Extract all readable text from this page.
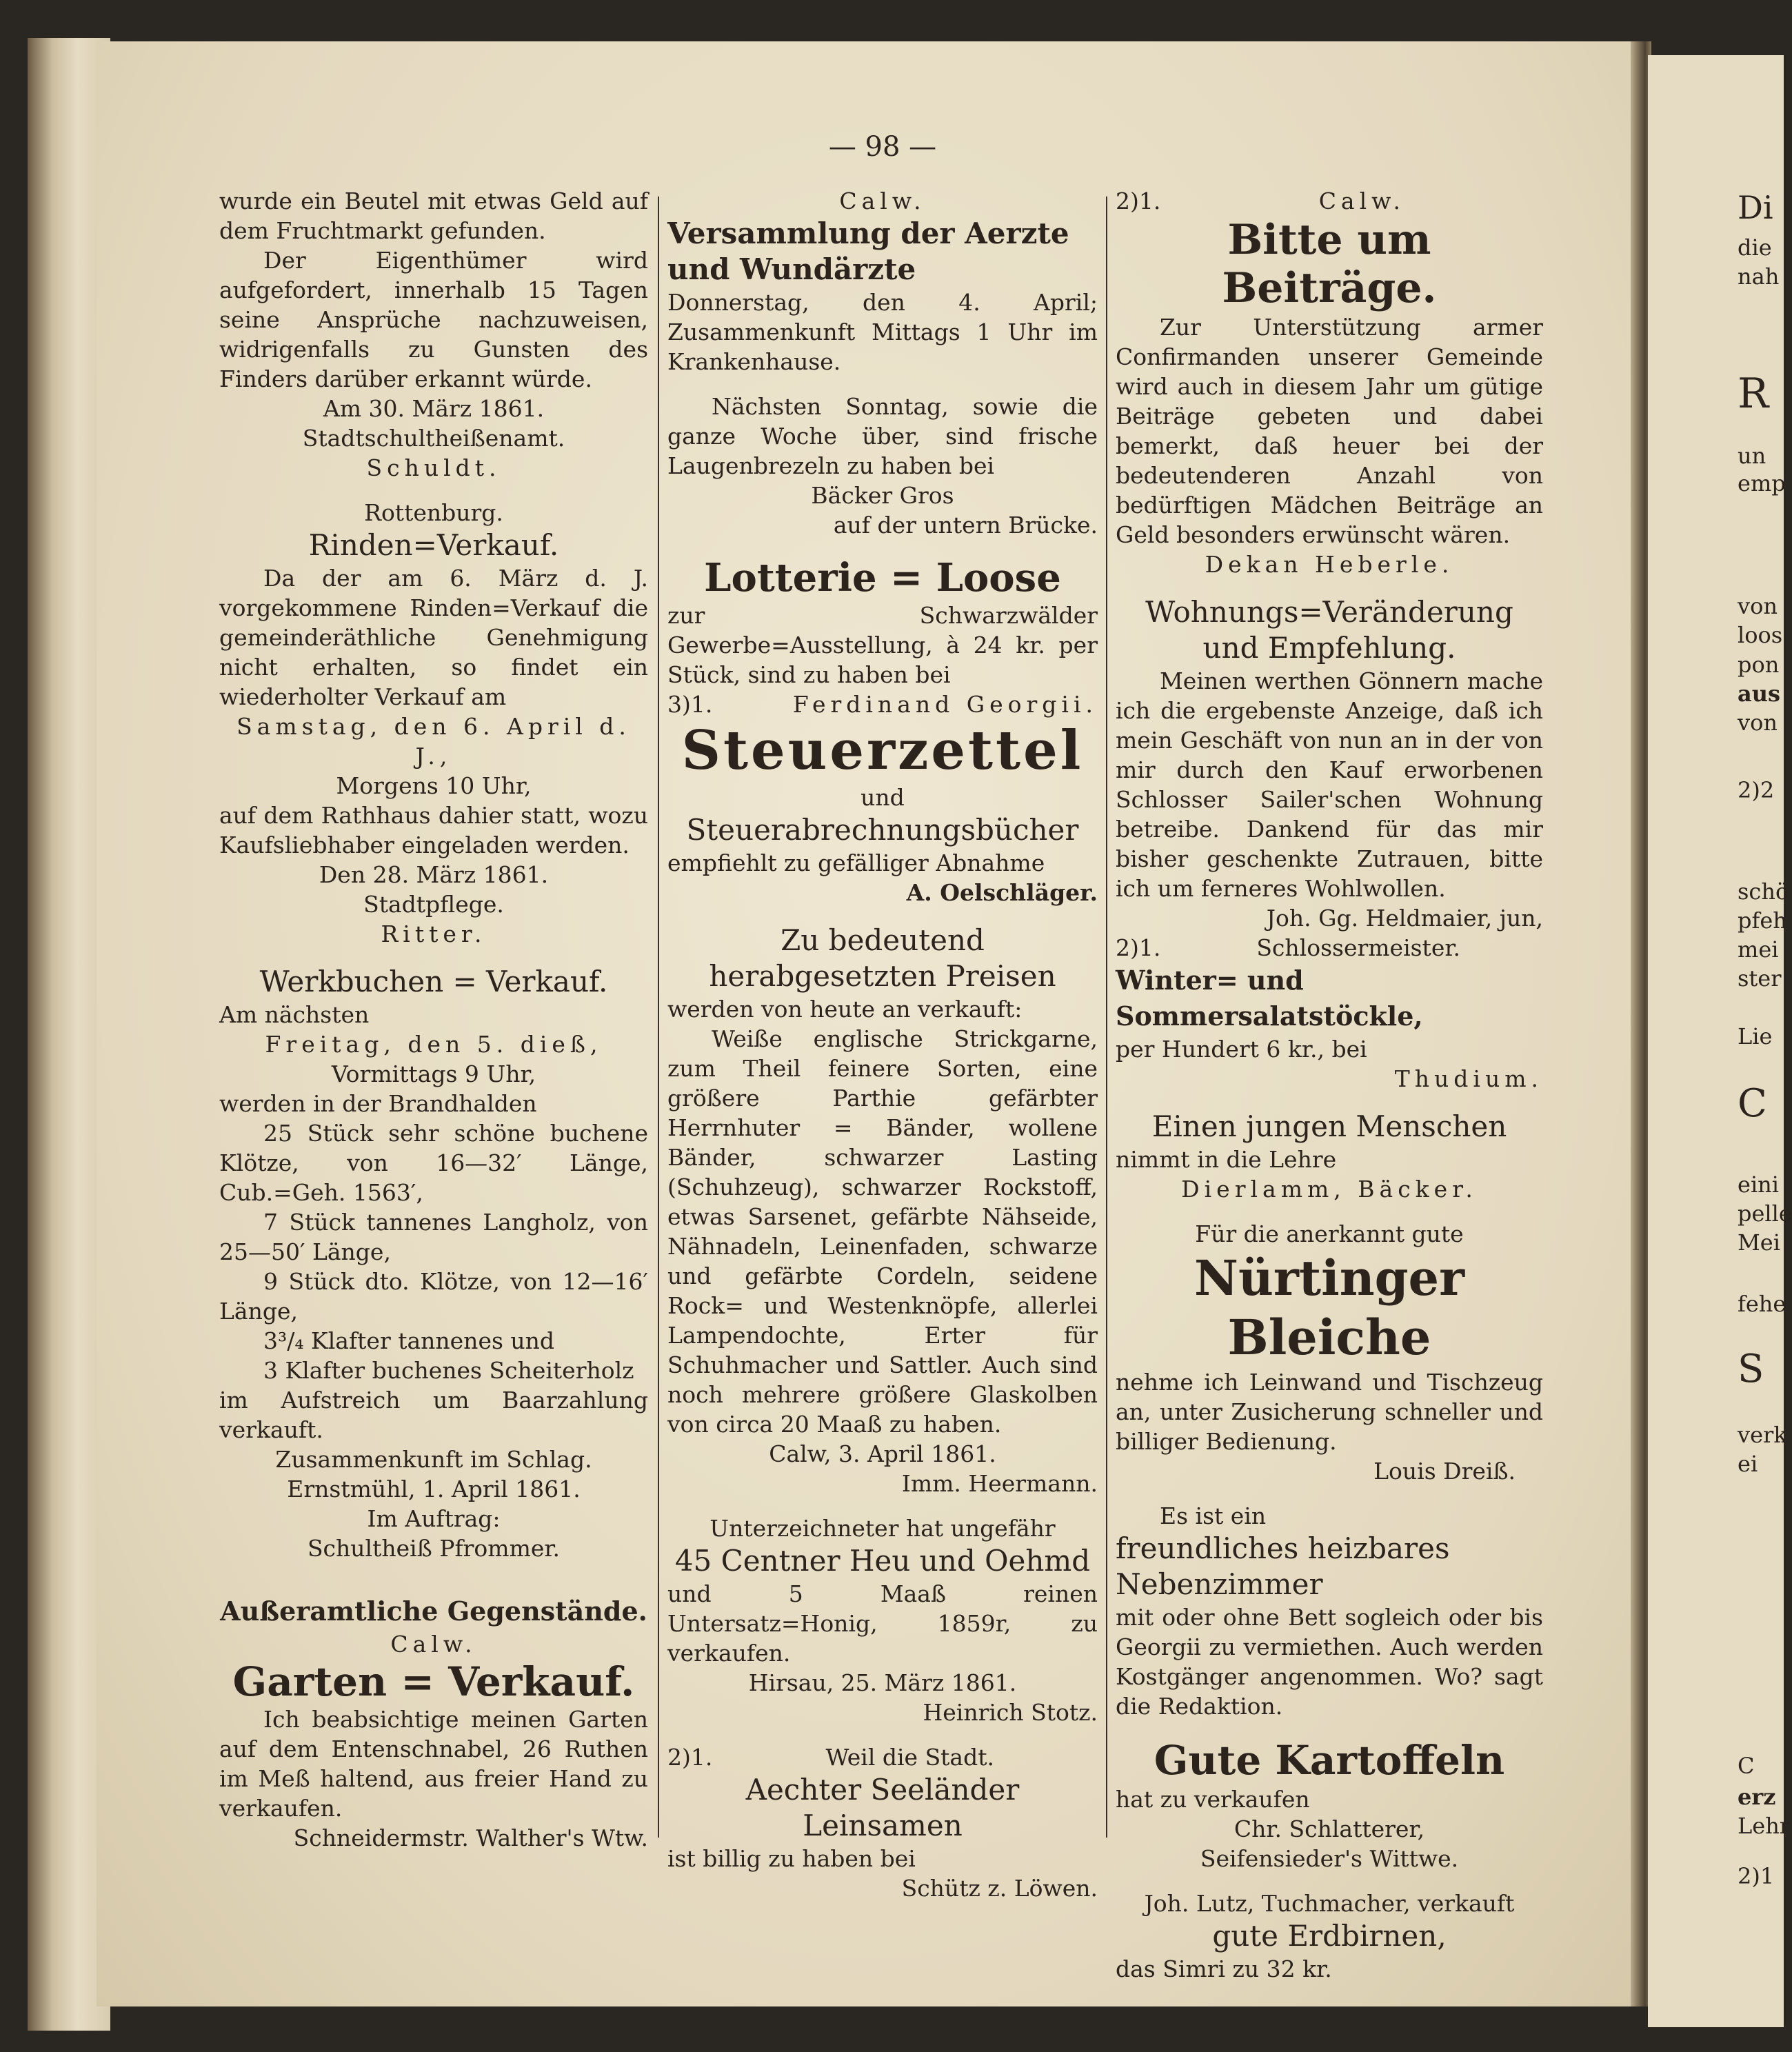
— 98 —

wurde ein Beutel mit etwas Geld auf dem Fruchtmarkt gefunden.

Der Eigenthümer wird aufgefordert, innerhalb 15 Tagen seine Ansprüche nachzuweisen, widrigenfalls zu Gunsten des Finders darüber erkannt würde.

Am 30. März 1861.

Stadtschultheißenamt.

Schuldt.

Rottenburg.

Rinden=Verkauf.

Da der am 6. März d. J. vorgekommene Rinden=Verkauf die gemeinderäthliche Genehmigung nicht erhalten, so findet ein wiederholter Verkauf am

Samstag, den 6. April d. J.,

Morgens 10 Uhr,

auf dem Rathhaus dahier statt, wozu Kaufsliebhaber eingeladen werden.

Den 28. März 1861.

Stadtpflege.

Ritter.

Werkbuchen = Verkauf.

Am nächsten

Freitag, den 5. dieß,

Vormittags 9 Uhr,

werden in der Brandhalden

25 Stück sehr schöne buchene Klötze, von 16—32′ Länge, Cub.=Geh. 1563′,

7 Stück tannenes Langholz, von 25—50′ Länge,

9 Stück dto. Klötze, von 12—16′ Länge,

3³/₄ Klafter tannenes und

3 Klafter buchenes Scheiterholz

im Aufstreich um Baarzahlung verkauft.

Zusammenkunft im Schlag.

Ernstmühl, 1. April 1861.

Im Auftrag:

Schultheiß Pfrommer.

Außeramtliche Gegenstände.

Calw.

Garten = Verkauf.

Ich beabsichtige meinen Garten auf dem Entenschnabel, 26 Ruthen im Meß haltend, aus freier Hand zu verkaufen.

Schneidermstr. Walther's Wtw.

Calw.

Versammlung der Aerzte und Wundärzte

Donnerstag, den 4. April; Zusammenkunft Mittags 1 Uhr im Krankenhause.

Nächsten Sonntag, sowie die ganze Woche über, sind frische Laugenbrezeln zu haben bei

Bäcker Gros

auf der untern Brücke.

Lotterie = Loose

zur Schwarzwälder Gewerbe=Ausstellung, à 24 kr. per Stück, sind zu haben bei

3)1.	Ferdinand Georgii.

Steuerzettel

und

Steuerabrechnungsbücher

empfiehlt zu gefälliger Abnahme

A. Oelschläger.

Zu bedeutend herabgesetzten Preisen

werden von heute an verkauft:

Weiße englische Strickgarne, zum Theil feinere Sorten, eine größere Parthie gefärbter Herrnhuter = Bänder, wollene Bänder, schwarzer Lasting (Schuhzeug), schwarzer Rockstoff, etwas Sarsenet, gefärbte Nähseide, Nähnadeln, Leinenfaden, schwarze und gefärbte Cordeln, seidene Rock= und Westenknöpfe, allerlei Lampendochte, Erter für Schuhmacher und Sattler. Auch sind noch mehrere größere Glaskolben von circa 20 Maaß zu haben.

Calw, 3. April 1861.

Imm. Heermann.

Unterzeichneter hat ungefähr

45 Centner Heu und Oehmd

und 5 Maaß reinen Untersatz=Honig, 1859r, zu verkaufen.

Hirsau, 25. März 1861.

Heinrich Stotz.

2)1.	Weil die Stadt.

Aechter Seeländer Leinsamen

ist billig zu haben bei

Schütz z. Löwen.

2)1.	Calw.

Bitte um Beiträge.

Zur Unterstützung armer Confirmanden unserer Gemeinde wird auch in diesem Jahr um gütige Beiträge gebeten und dabei bemerkt, daß heuer bei der bedeutenderen Anzahl von bedürftigen Mädchen Beiträge an Geld besonders erwünscht wären.

Dekan Heberle.

Wohnungs=Veränderung und Empfehlung.

Meinen werthen Gönnern mache ich die ergebenste Anzeige, daß ich mein Geschäft von nun an in der von mir durch den Kauf erworbenen Schlosser Sailer'schen Wohnung betreibe. Dankend für das mir bisher geschenkte Zutrauen, bitte ich um ferneres Wohlwollen.

Joh. Gg. Heldmaier, jun,

2)1.	Schlossermeister.

Winter= und Sommersalatstöckle,

per Hundert 6 kr., bei

Thudium.

Einen jungen Menschen

nimmt in die Lehre

Dierlamm, Bäcker.

Für die anerkannt gute

Nürtinger Bleiche

nehme ich Leinwand und Tischzeug an, unter Zusicherung schneller und billiger Bedienung.

Louis Dreiß.

Es ist ein

freundliches heizbares Nebenzimmer

mit oder ohne Bett sogleich oder bis Georgii zu vermiethen. Auch werden Kostgänger angenommen. Wo? sagt die Redaktion.

Gute Kartoffeln

hat zu verkaufen

Chr. Schlatterer,

Seifensieder's Wittwe.

Joh. Lutz, Tuchmacher, verkauft

gute Erdbirnen,

das Simri zu 32 kr.

Di
die
nah
R
un
emp
von
loos
pon
aus
von
2)2
schö
pfeh
mei
ster
Lie
C
eini
pelle
Mei
fehe
S
verk
ei
C
erz
Lehr
2)1
